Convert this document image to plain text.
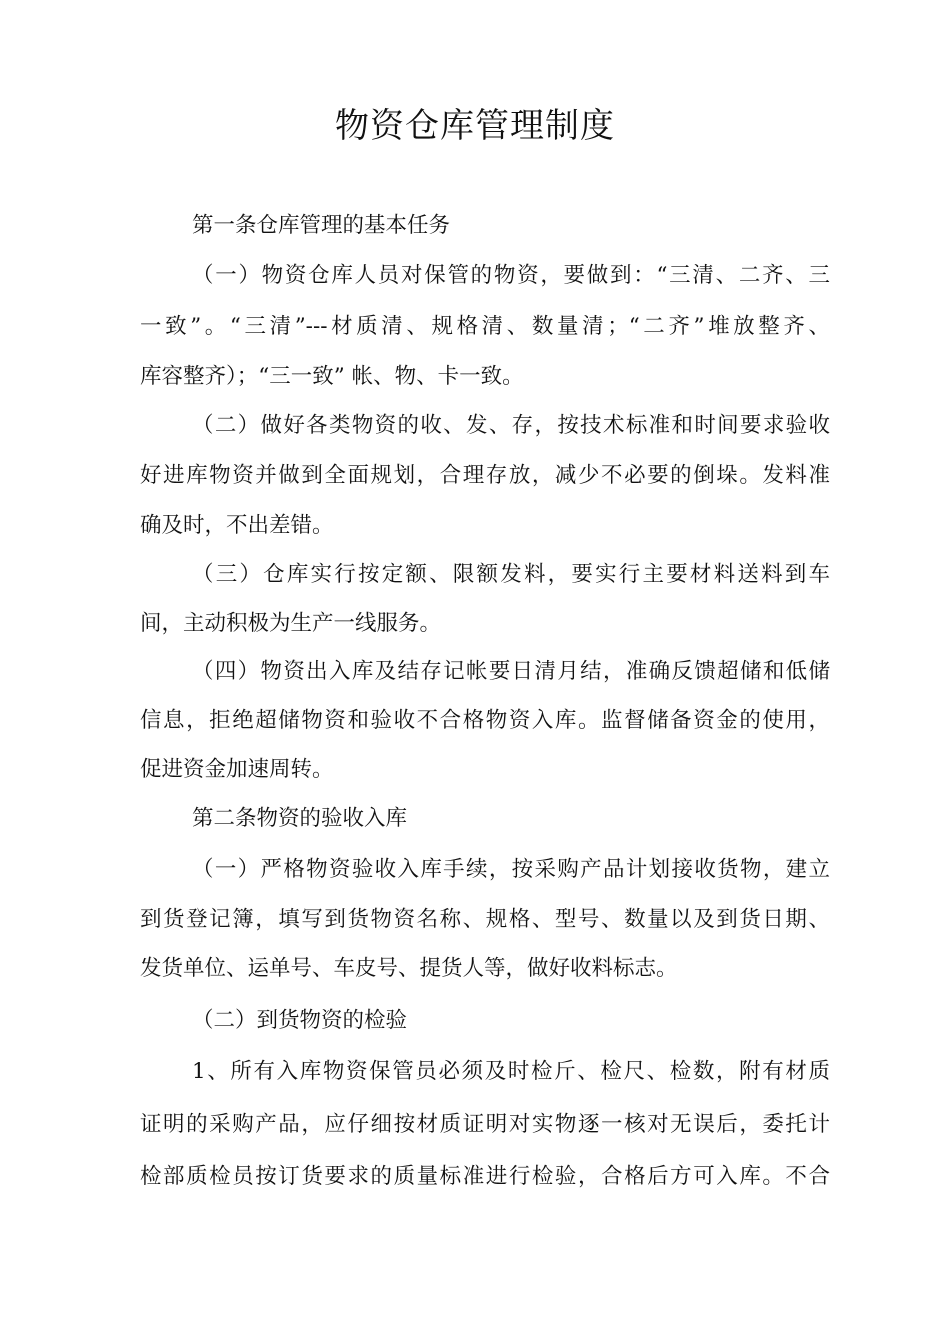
物资仓库管理制度
第一条仓库管理的基本任务
（一）物资仓库人员对保管的物资，要做到：“三清、二齐、三
一致”。“三清”---材质清、规格清、数量清；“二齐”堆放整齐、
库容整齐）；“三一致” 帐、物、卡一致。
（二）做好各类物资的收、发、存，按技术标准和时间要求验收
好进库物资并做到全面规划，合理存放，减少不必要的倒垛。发料准
确及时，不出差错。
（三）仓库实行按定额、限额发料，要实行主要材料送料到车
间，主动积极为生产一线服务。
（四）物资出入库及结存记帐要日清月结，准确反馈超储和低储
信息，拒绝超储物资和验收不合格物资入库。监督储备资金的使用，
促进资金加速周转。
第二条物资的验收入库
（一）严格物资验收入库手续，按采购产品计划接收货物，建立
到货登记簿，填写到货物资名称、规格、型号、数量以及到货日期、
发货单位、运单号、车皮号、提货人等，做好收料标志。
（二）到货物资的检验
1、所有入库物资保管员必须及时检斤、检尺、检数，附有材质
证明的采购产品，应仔细按材质证明对实物逐一核对无误后，委托计
检部质检员按订货要求的质量标准进行检验，合格后方可入库。不合
